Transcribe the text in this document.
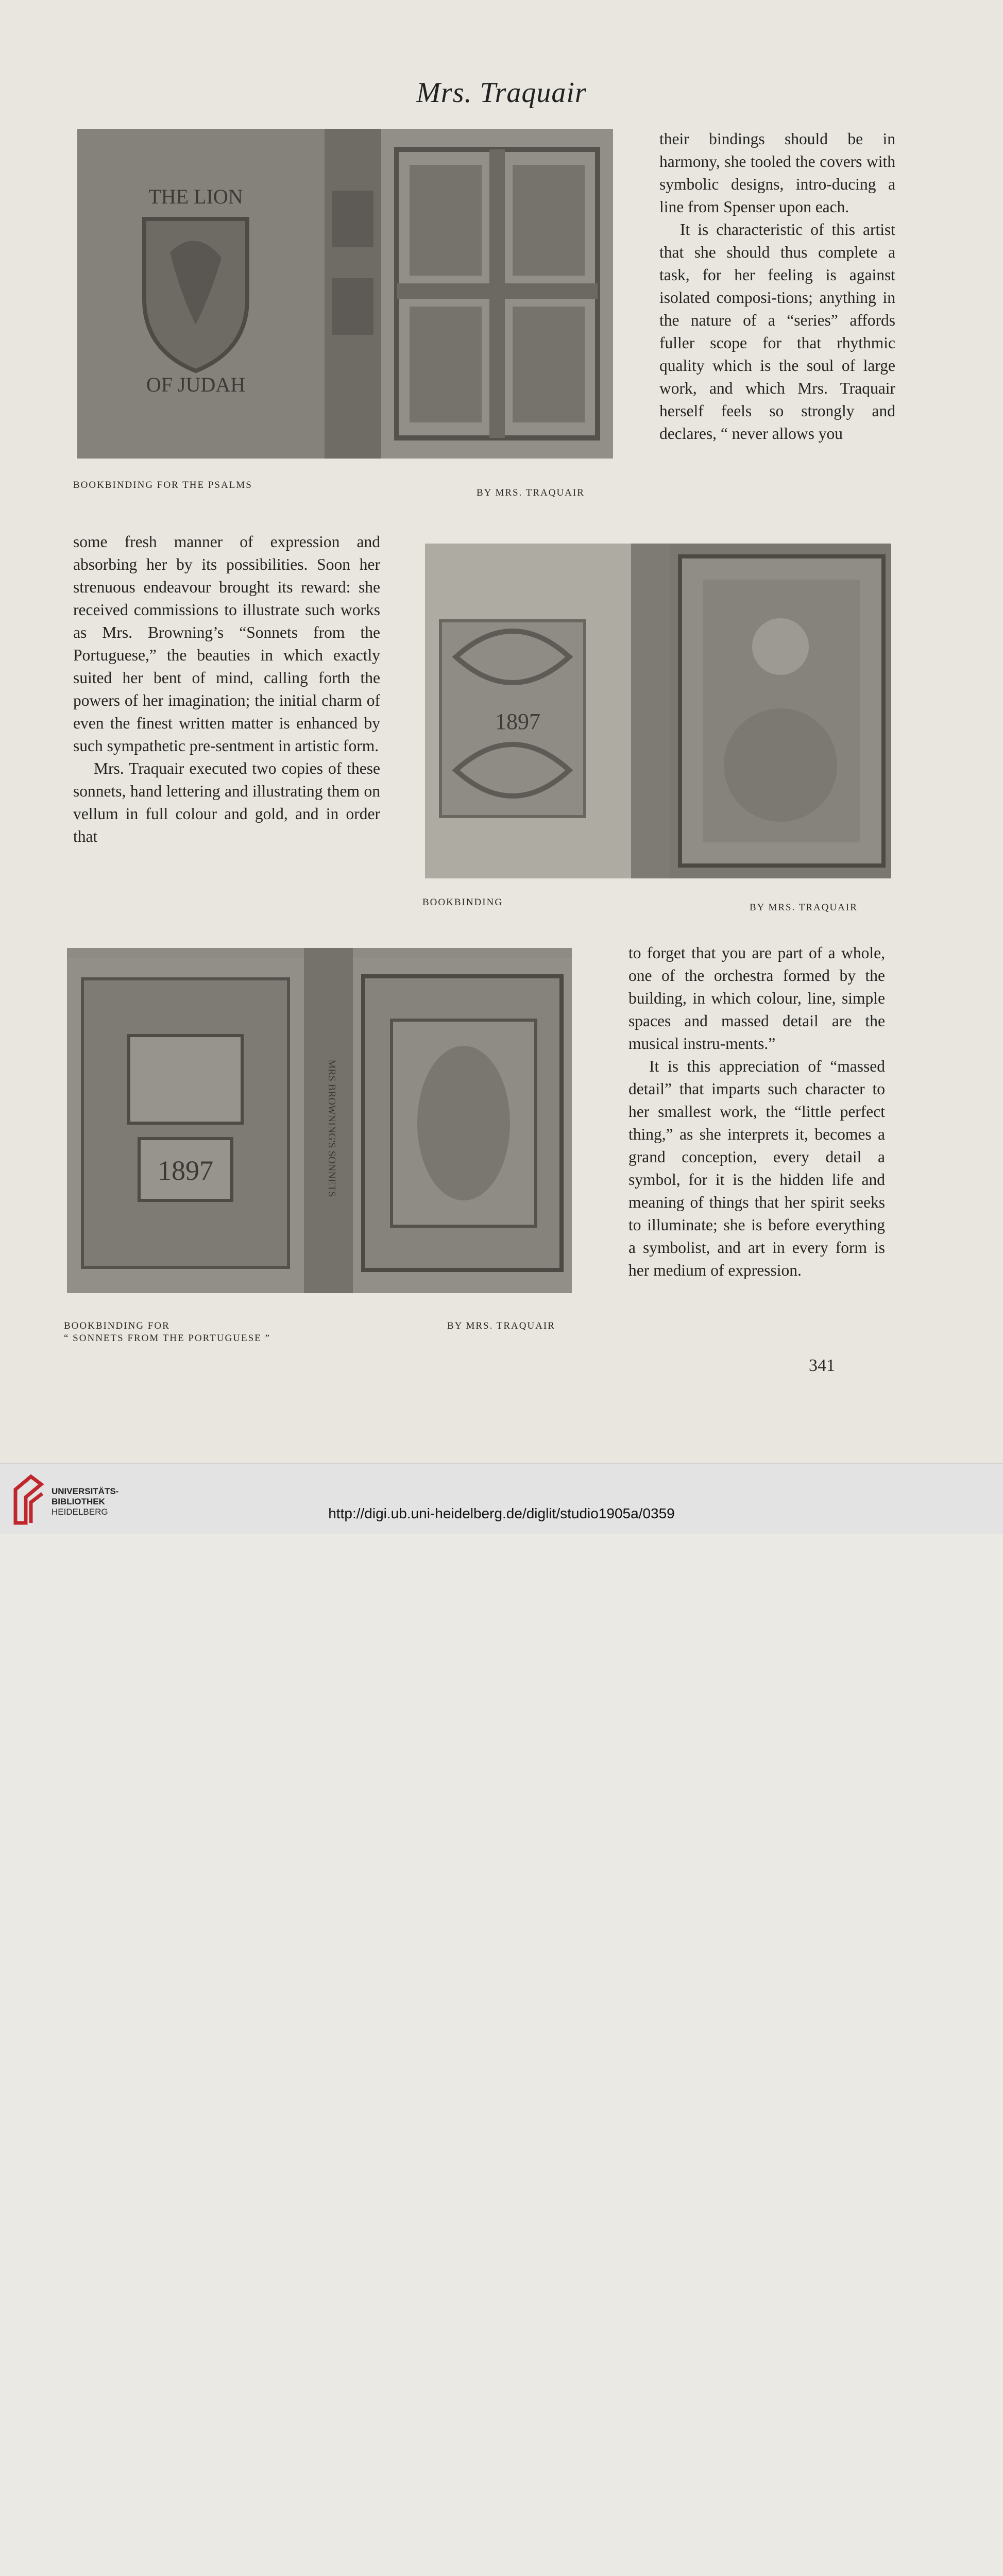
Mrs. Traquair
THE LION
OF JUDAH
BOOKBINDING FOR THE PSALMS
BY MRS. TRAQUAIR

their bindings should be in harmony, she tooled the covers with symbolic designs, intro-ducing a line from Spenser upon each.

It is characteristic of this artist that she should thus complete a task, for her feeling is against isolated composi-tions; anything in the nature of a “series” affords fuller scope for that rhythmic quality which is the soul of large work, and which Mrs. Traquair herself feels so strongly and declares, “ never allows you

some fresh manner of expression and absorbing her by its possibilities. Soon her strenuous endeavour brought its reward: she received commissions to illustrate such works as Mrs. Browning’s “Sonnets from the Portuguese,” the beauties in which exactly suited her bent of mind, calling forth the powers of her imagination; the initial charm of even the finest written matter is enhanced by such sympathetic pre-sentment in artistic form.

Mrs. Traquair executed two copies of these sonnets, hand lettering and illustrating them on vellum in full colour and gold, and in order that

1897
BOOKBINDING	BY MRS. TRAQUAIR
1897	MRS BROWNING'S SONNETS
BOOKBINDING FOR
“ SONNETS FROM THE PORTUGUESE ”
BY MRS. TRAQUAIR

to forget that you are part of a whole, one of the orchestra formed by the building, in which colour, line, simple spaces and massed detail are the musical instru-ments.”

It is this appreciation of “massed detail” that imparts such character to her smallest work, the “little perfect thing,” as she interprets it, becomes a grand conception, every detail a symbol, for it is the hidden life and meaning of things that her spirit seeks to illuminate; she is before everything a symbolist, and art in every form is her medium of expression.

341
UNIVERSITÄTS-
BIBLIOTHEK
HEIDELBERG	http://digi.ub.uni-heidelberg.de/diglit/studio1905a/0359
